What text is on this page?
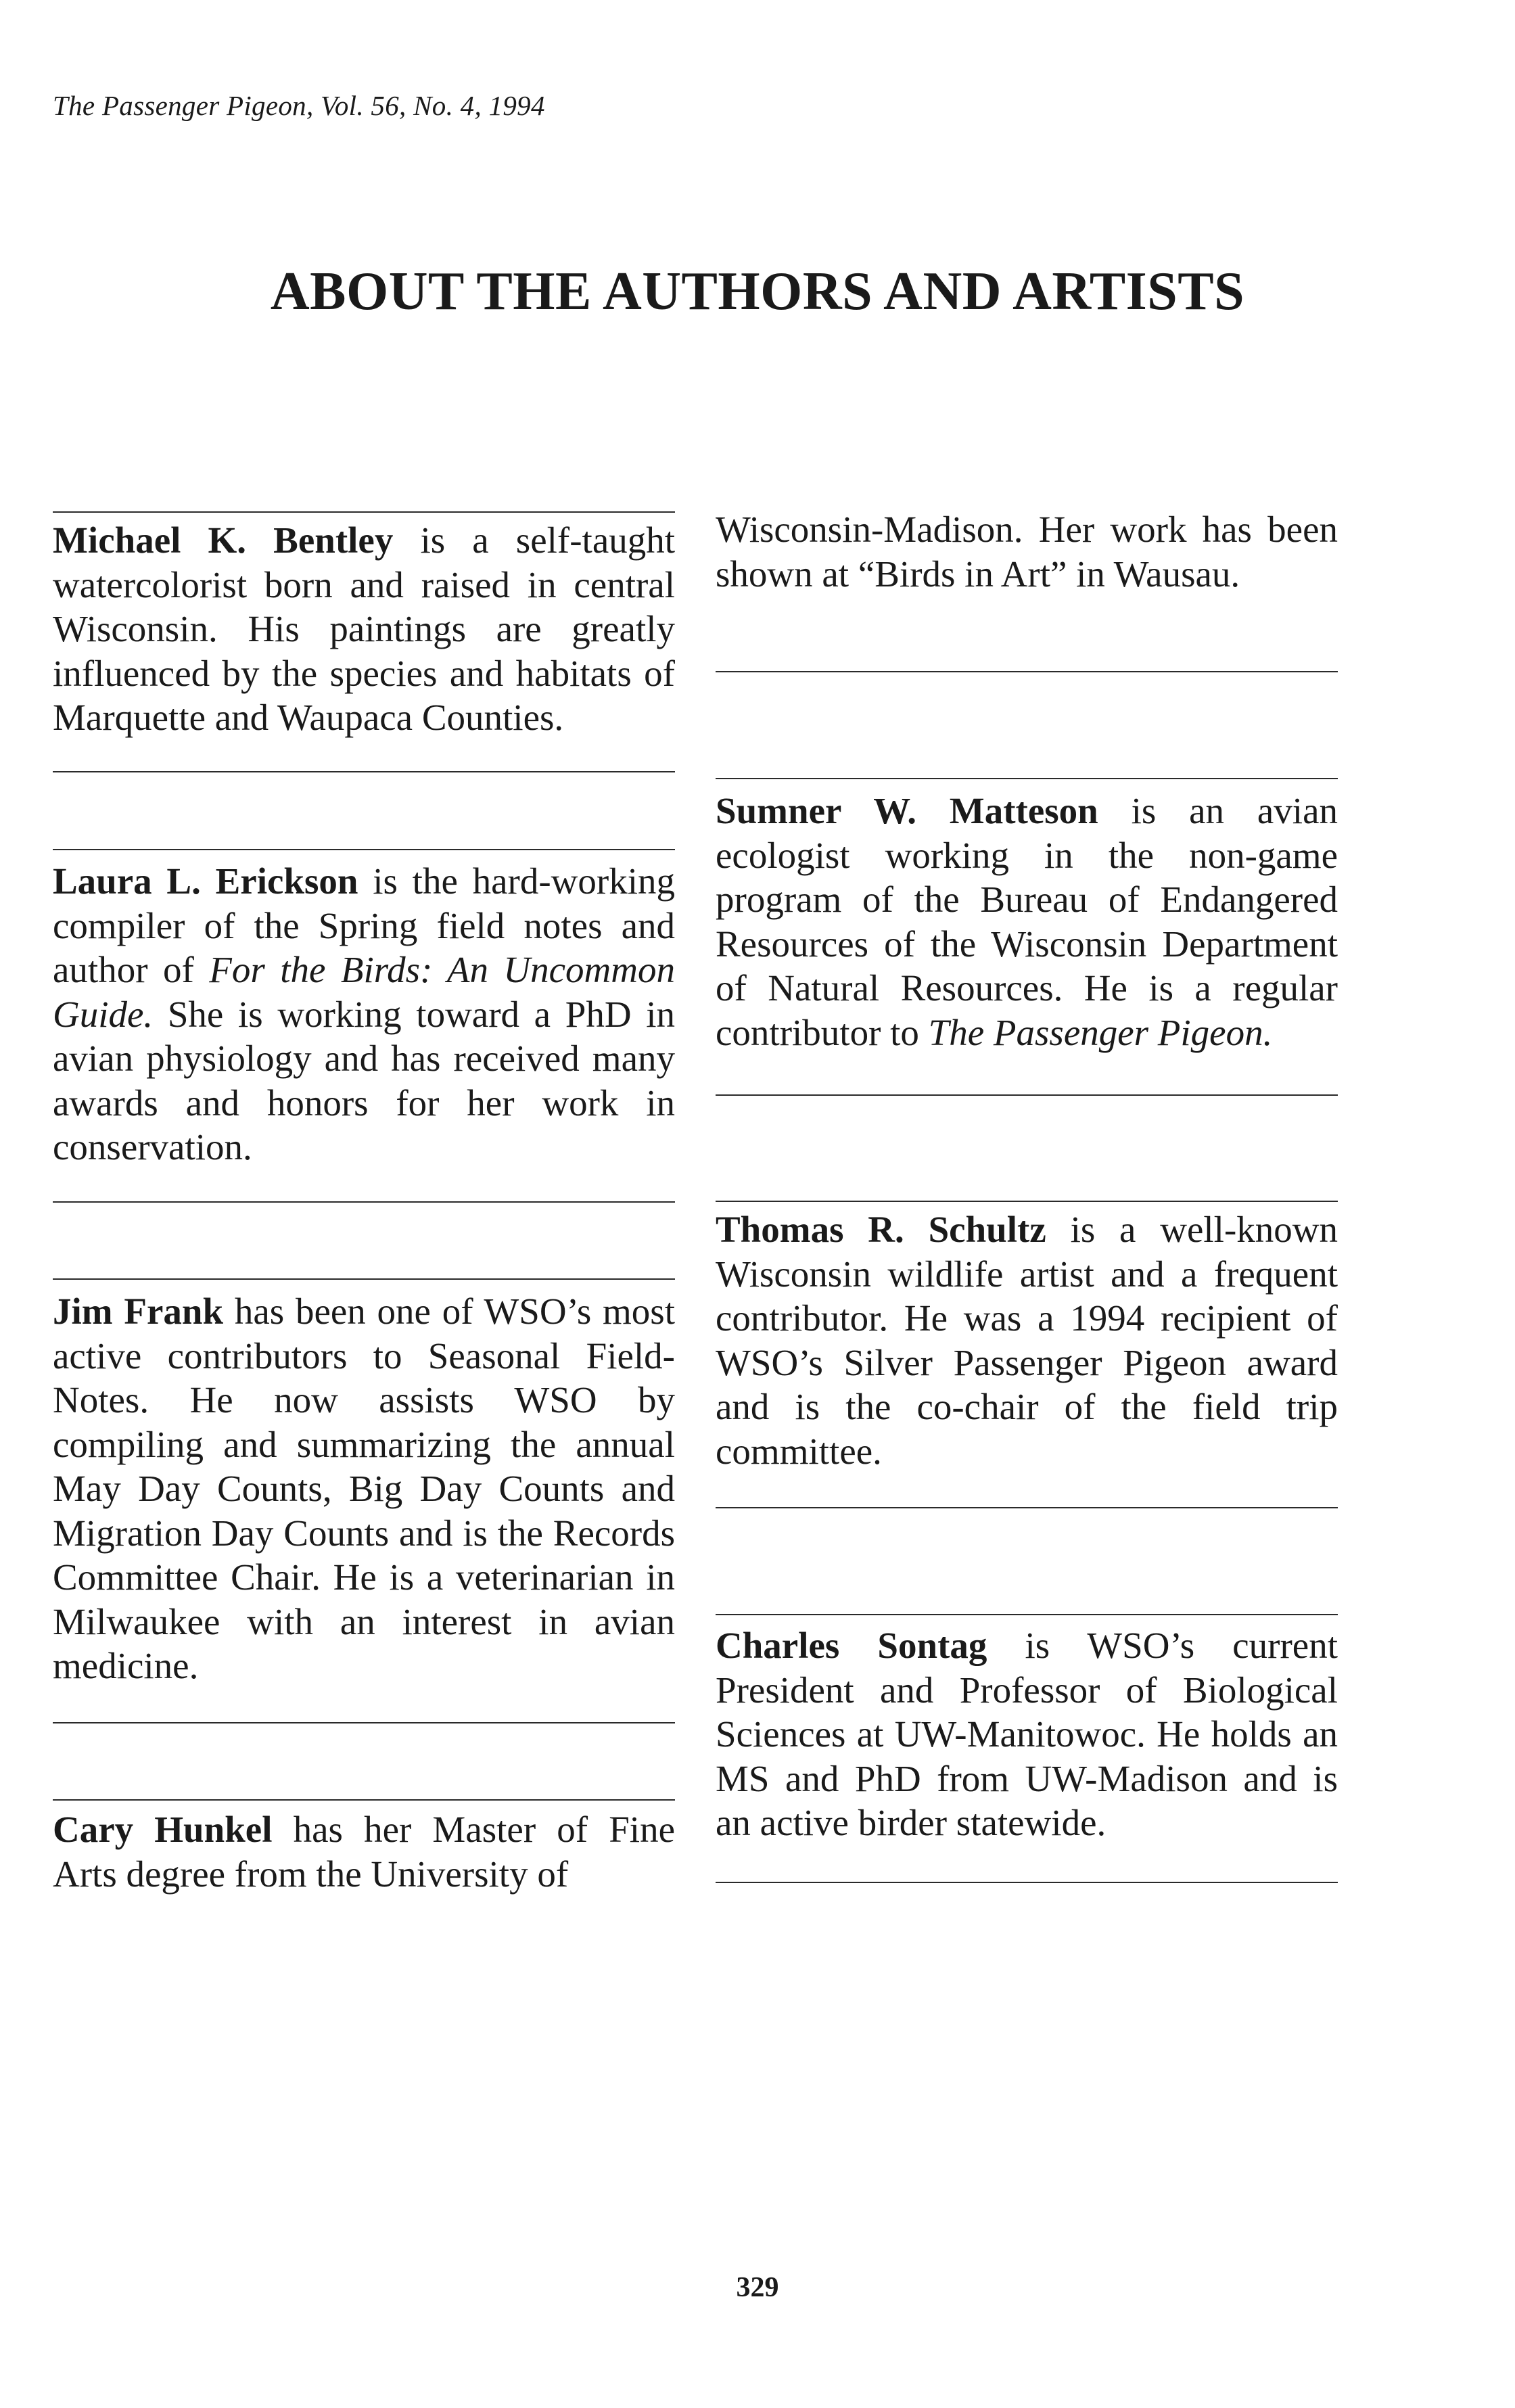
The Passenger Pigeon, Vol. 56, No. 4, 1994
ABOUT THE AUTHORS AND ARTISTS

Michael K. Bentley is a self-taught watercolorist born and raised in central Wisconsin. His paintings are greatly influenced by the species and habitats of Marquette and Waupaca Counties.

Laura L. Erickson is the hard-working compiler of the Spring field notes and author of For the Birds: An Uncommon Guide. She is working toward a PhD in avian physiology and has received many awards and honors for her work in conservation.

Jim Frank has been one of WSO’s most active contributors to Seasonal Field-Notes. He now assists WSO by compiling and summarizing the annual May Day Counts, Big Day Counts and Migration Day Counts and is the Records Committee Chair. He is a veterinarian in Milwaukee with an interest in avian medicine.

Cary Hunkel has her Master of Fine Arts degree from the University of

Wisconsin-Madison. Her work has been shown at “Birds in Art” in Wausau.

Sumner W. Matteson is an avian ecologist working in the non-game program of the Bureau of Endangered Resources of the Wisconsin Department of Natural Resources. He is a regular contributor to The Passenger Pigeon.

Thomas R. Schultz is a well-known Wisconsin wildlife artist and a frequent contributor. He was a 1994 recipient of WSO’s Silver Passenger Pigeon award and is the co-chair of the field trip committee.

Charles Sontag is WSO’s current President and Professor of Biological Sciences at UW-Manitowoc. He holds an MS and PhD from UW-Madison and is an active birder statewide.

329
